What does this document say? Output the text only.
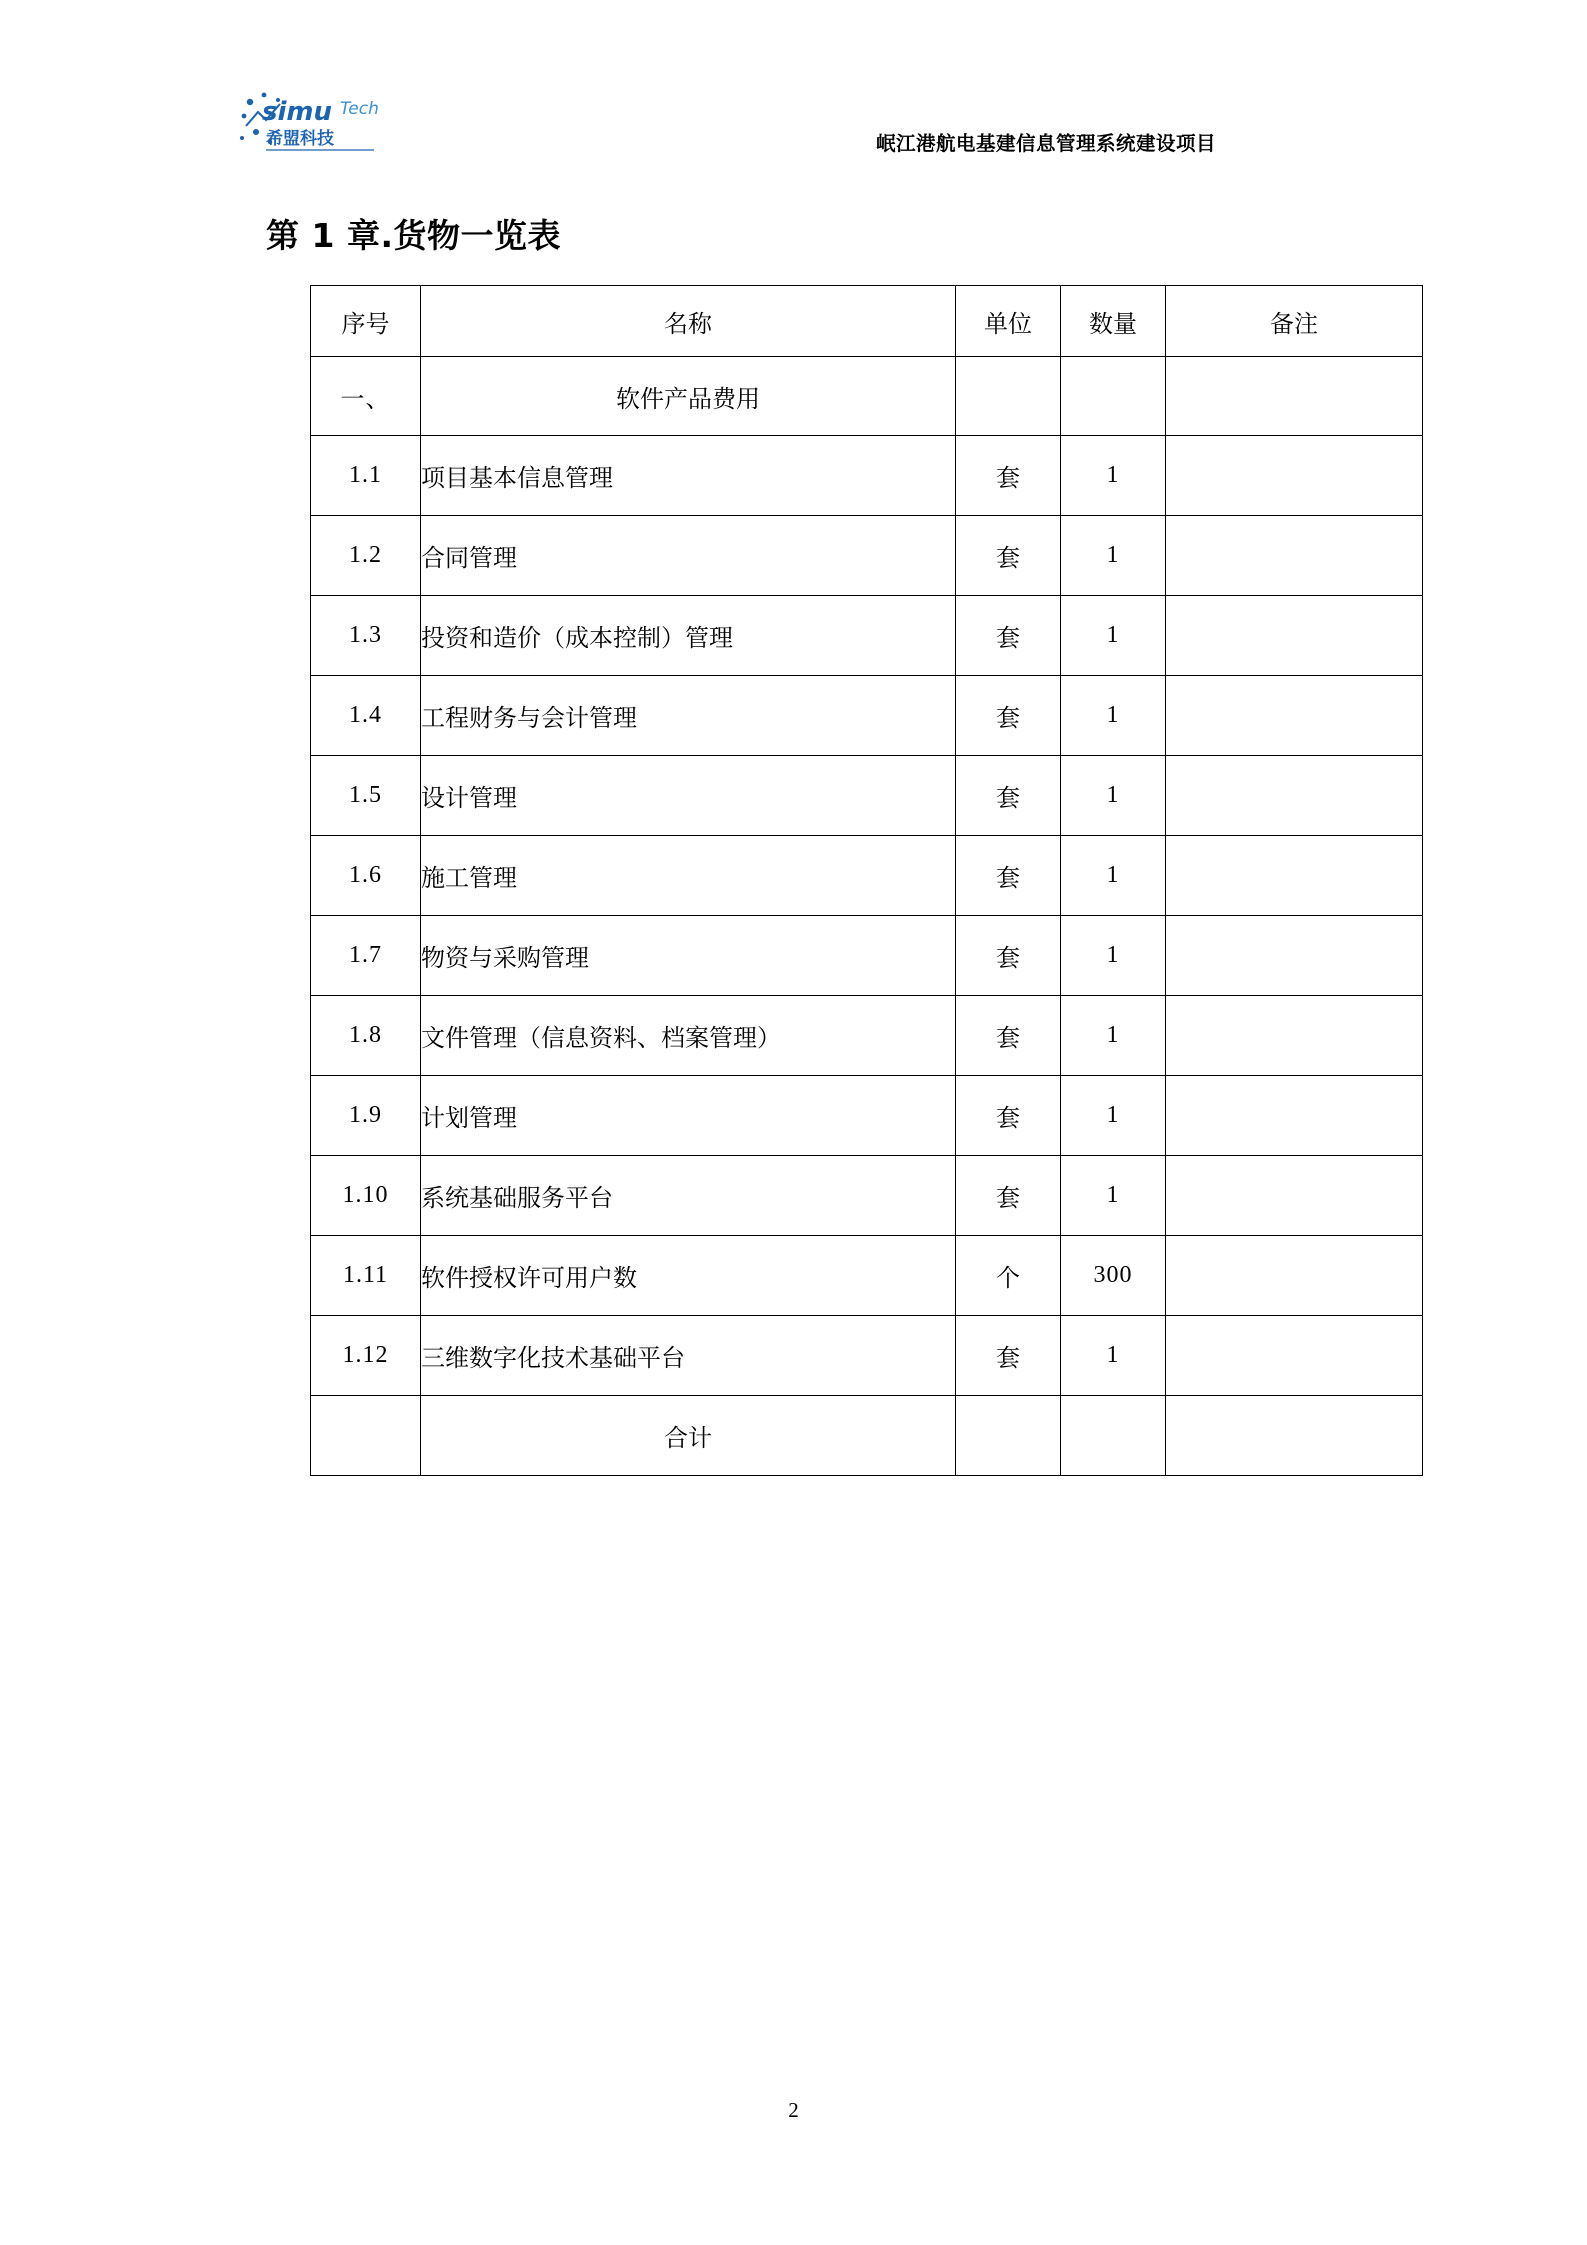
simu Tech
希盟科技	岷江港航电基建信息管理系统建设项目
第 1 章.货物一览表
序号	名称	单位	数量	备注
一、	软件产品费用			
1.1	项目基本信息管理	套	1	
1.2	合同管理	套	1	
1.3	投资和造价（成本控制）管理	套	1	
1.4	工程财务与会计管理	套	1	
1.5	设计管理	套	1	
1.6	施工管理	套	1	
1.7	物资与采购管理	套	1	
1.8	文件管理（信息资料、档案管理）	套	1	
1.9	计划管理	套	1	
1.10	系统基础服务平台	套	1	
1.11	软件授权许可用户数	个	300	
1.12	三维数字化技术基础平台	套	1	
	合计			
2
